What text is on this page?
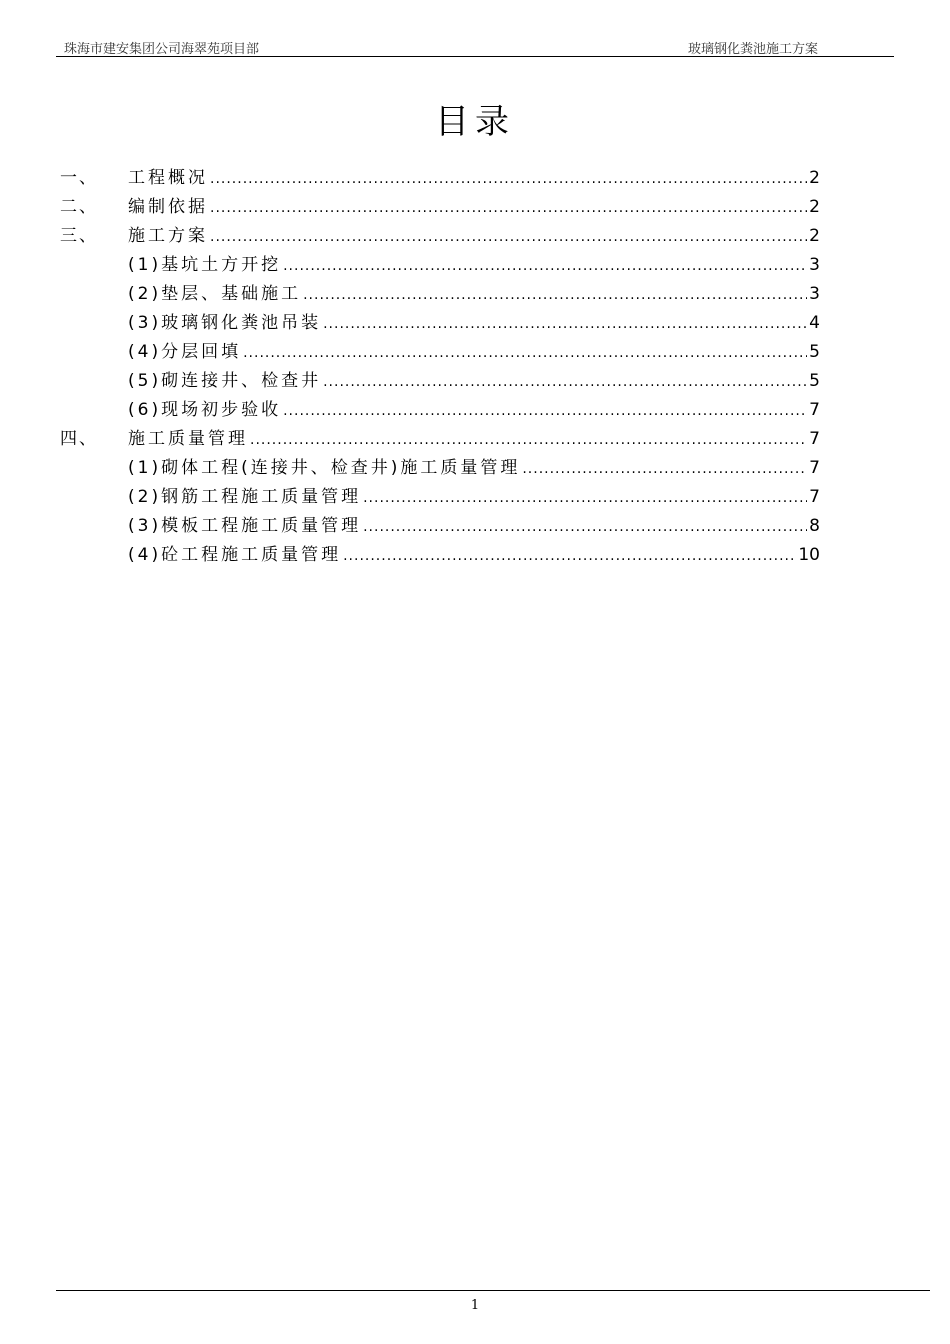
珠海市建安集团公司海翠苑项目部	玻璃钢化粪池施工方案
目录
一、	工程概况 .....	2
二、	编制依据 .....	2
三、	施工方案 .....	2
(1)基坑土方开挖 .....	3
(2)垫层、基础施工 .....	3
(3)玻璃钢化粪池吊装 .....	4
(4)分层回填 .....	5
(5)砌连接井、检查井 .....	5
(6)现场初步验收 .....	7
四、	施工质量管理 .....	7
(1)砌体工程(连接井、检查井)施工质量管理 .....	7
(2)钢筋工程施工质量管理 .....	7
(3)模板工程施工质量管理 .....	8
(4)砼工程施工质量管理 .....	10
1
